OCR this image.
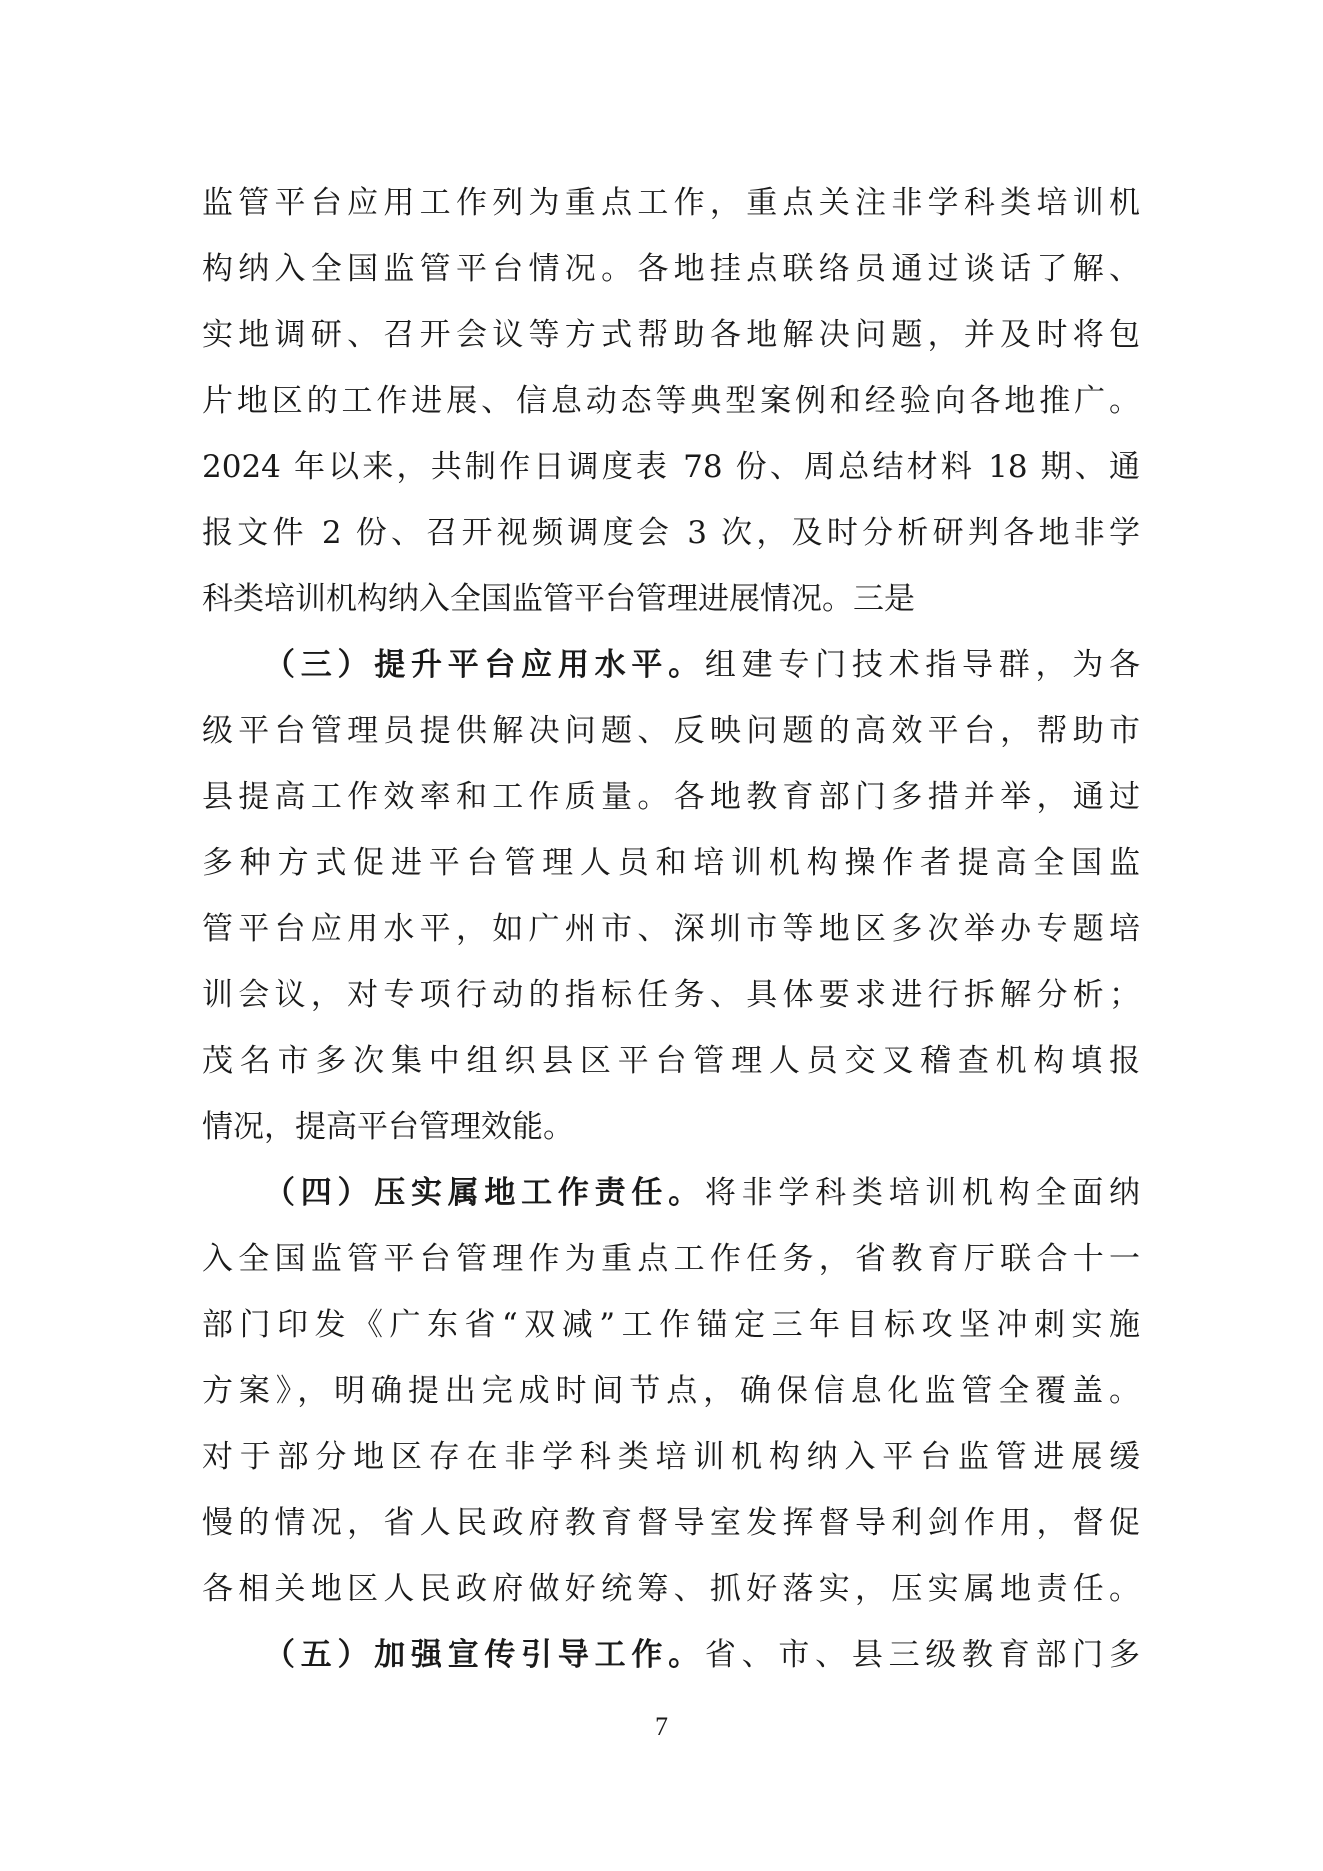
监管平台应用工作列为重点工作，重点关注非学科类培训机
构纳入全国监管平台情况。各地挂点联络员通过谈话了解、
实地调研、召开会议等方式帮助各地解决问题，并及时将包
片地区的工作进展、信息动态等典型案例和经验向各地推广。
2024 年以来，共制作日调度表 78 份、周总结材料 18 期、通
报文件 2 份、召开视频调度会 3 次，及时分析研判各地非学
科类培训机构纳入全国监管平台管理进展情况。三是
（三）提升平台应用水平。组建专门技术指导群，为各
级平台管理员提供解决问题、反映问题的高效平台，帮助市
县提高工作效率和工作质量。各地教育部门多措并举，通过
多种方式促进平台管理人员和培训机构操作者提高全国监
管平台应用水平，如广州市、深圳市等地区多次举办专题培
训会议，对专项行动的指标任务、具体要求进行拆解分析；
茂名市多次集中组织县区平台管理人员交叉稽查机构填报
情况，提高平台管理效能。
（四）压实属地工作责任。将非学科类培训机构全面纳
入全国监管平台管理作为重点工作任务，省教育厅联合十一
部门印发《广东省“双减”工作锚定三年目标攻坚冲刺实施
方案》，明确提出完成时间节点，确保信息化监管全覆盖。
对于部分地区存在非学科类培训机构纳入平台监管进展缓
慢的情况，省人民政府教育督导室发挥督导利剑作用，督促
各相关地区人民政府做好统筹、抓好落实，压实属地责任。
（五）加强宣传引导工作。省、市、县三级教育部门多
7
